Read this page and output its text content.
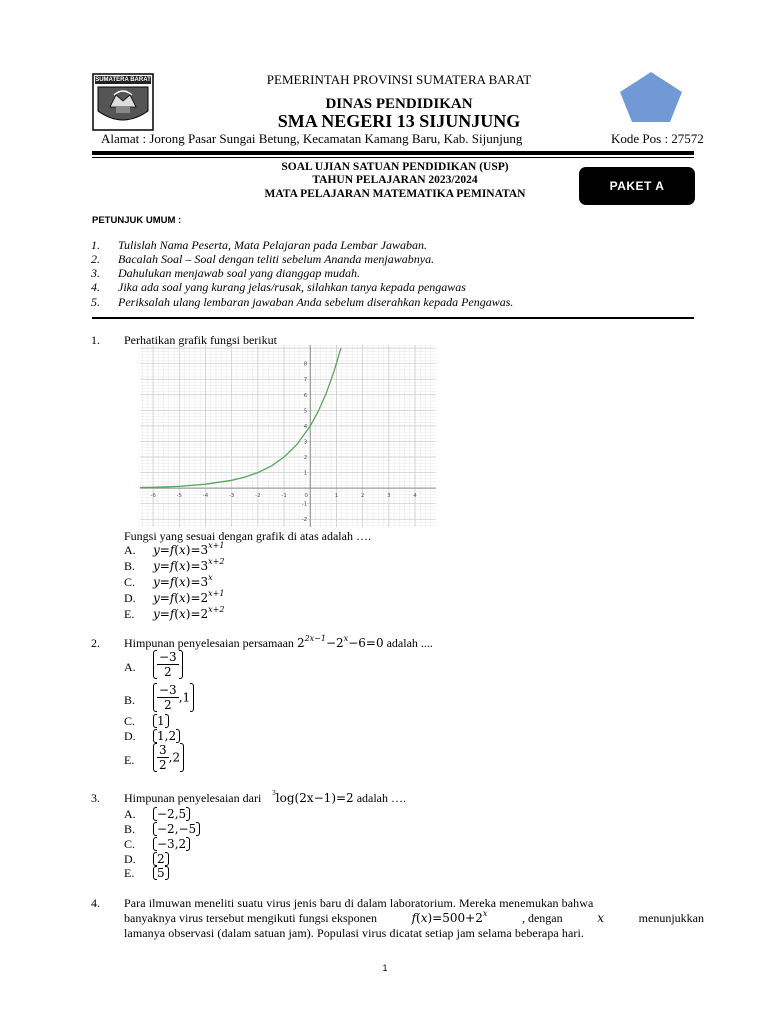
SUMATERA BARAT	PEMERINTAH PROVINSI SUMATERA BARAT
DINAS PENDIDIKAN
SMA NEGERI 13 SIJUNJUNG
Alamat : Jorong Pasar Sungai Betung, Kecamatan Kamang Baru, Kab. Sijunjung	Kode Pos : 27572
SOAL UJIAN SATUAN PENDIDIKAN (USP)
TAHUN PELAJARAN 2023/2024
MATA PELAJARAN MATEMATIKA PEMINATAN
PAKET A
PETUNJUK UMUM :
1. Tulislah Nama Peserta, Mata Pelajaran pada Lembar Jawaban.
2. Bacalah Soal – Soal dengan teliti sebelum Ananda menjawabnya.
3. Dahulukan menjawab soal yang dianggap mudah.
4. Jika ada soal yang kurang jelas/rusak, silahkan tanya kepada pengawas
5. Periksalah ulang lembaran jawaban Anda sebelum diserahkan kepada Pengawas.
1. Perhatikan grafik fungsi berikut
-6	-5	-4	-3	-2	-1	0	1	2	3	4
-2
-1
1
2
3
4
5
6
7
8
Fungsi yang sesuai dengan grafik di atas adalah ….
A. $y=f(x)=3^{x+1}$
B. $y=f(x)=3^{x+2}$
C. $y=f(x)=3^x$
D. $y=f(x)=2^{x+1}$
E. $y=f(x)=2^{x+2}$
2. Himpunan penyelesaian persamaan $2^{2x-1}-2^x-6=0$ adalah ....
A. $\frac{-3}{2}$
B. $\frac{-3}{2} ,1$
C.	1
D.	1,2
E. $\frac{3}{2} ,2$
3. Himpunan penyelesaian dari $^3$log(2x−1)=2 adalah ….
A.	−2,5
B.	−2,−5
C.	−3,2
D.	2
E.	5
4. Para ilmuwan meneliti suatu virus jenis baru di dalam laboratorium. Mereka menemukan bahwa
banyaknya virus tersebut mengikuti fungsi eksponen	$f(x)=500+2^x$	, dengan	x	menunjukkan
lamanya observasi (dalam satuan jam). Populasi virus dicatat setiap jam selama beberapa hari.
1
